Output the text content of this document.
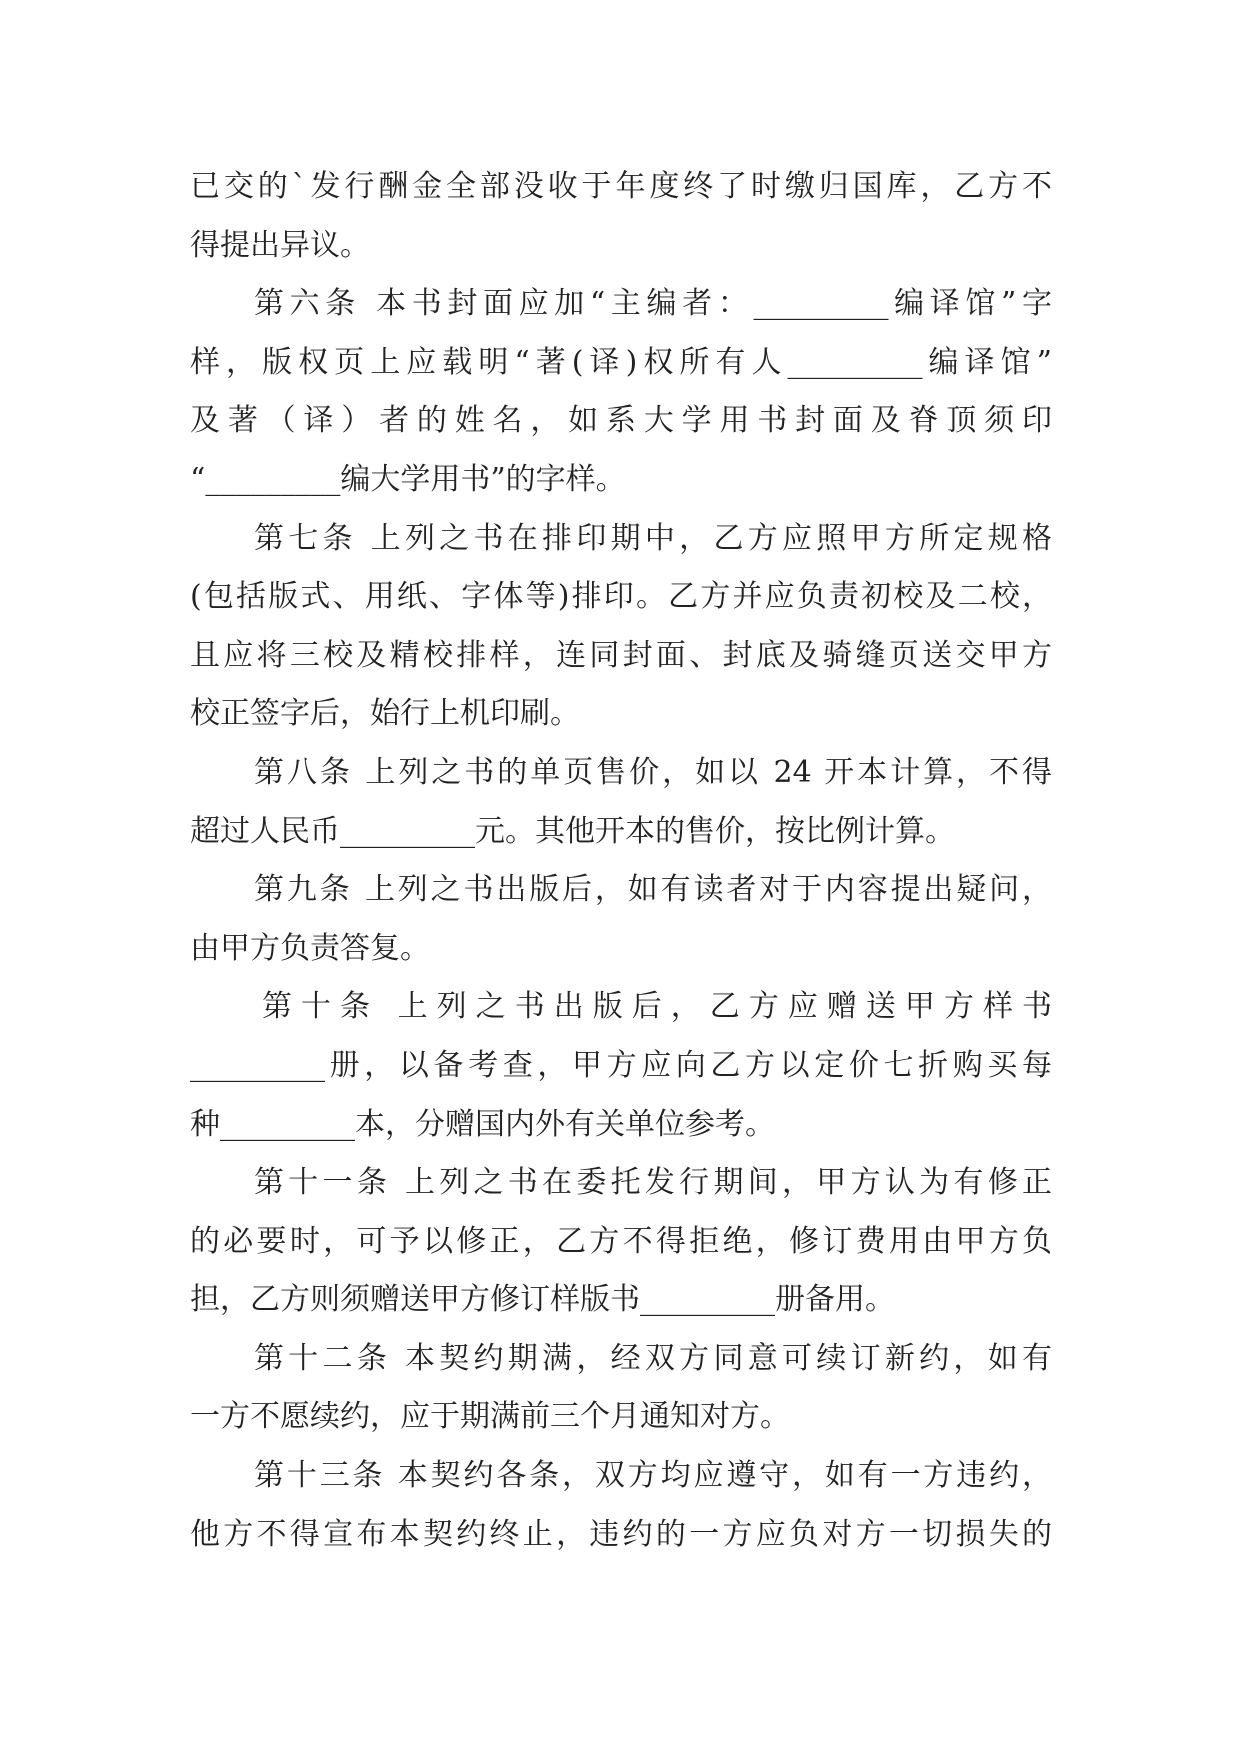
已交的`发行酬金全部没收于年度终了时缴归国库，乙方不
得提出异议。
第六条 本书封面应加“主编者：_________编译馆”字
样，版权页上应载明“著(译)权所有人_________编译馆”
及著（译）者的姓名，如系大学用书封面及脊顶须印
“_________编大学用书”的字样。
第七条 上列之书在排印期中，乙方应照甲方所定规格
(包括版式、用纸、字体等)排印。乙方并应负责初校及二校，
且应将三校及精校排样，连同封面、封底及骑缝页送交甲方
校正签字后，始行上机印刷。
第八条 上列之书的单页售价，如以 24 开本计算，不得
超过人民币_________元。其他开本的售价，按比例计算。
第九条 上列之书出版后，如有读者对于内容提出疑问，
由甲方负责答复。
第十条 上列之书出版后，乙方应赠送甲方样书
_________册，以备考查，甲方应向乙方以定价七折购买每
种_________本，分赠国内外有关单位参考。
第十一条 上列之书在委托发行期间，甲方认为有修正
的必要时，可予以修正，乙方不得拒绝，修订费用由甲方负
担，乙方则须赠送甲方修订样版书_________册备用。
第十二条 本契约期满，经双方同意可续订新约，如有
一方不愿续约，应于期满前三个月通知对方。
第十三条 本契约各条，双方均应遵守，如有一方违约，
他方不得宣布本契约终止，违约的一方应负对方一切损失的
